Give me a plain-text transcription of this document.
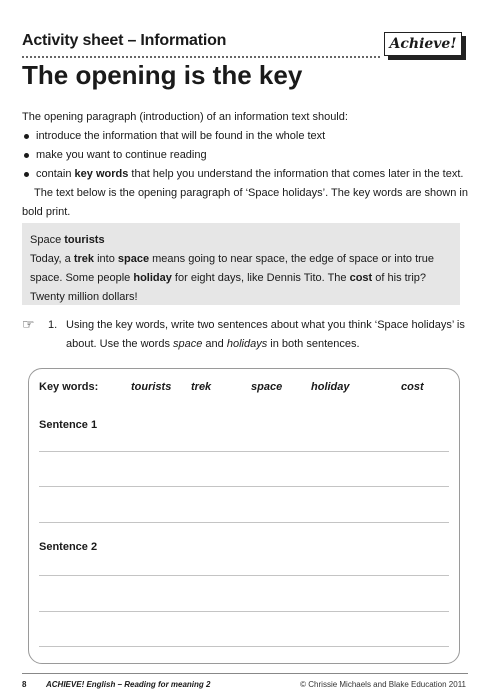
Activity sheet – Information	Achieve!
The opening is the key

The opening paragraph (introduction) of an information text should:

introduce the information that will be found in the whole text
make you want to continue reading
contain key words that help you understand the information that comes later in the text.

The text below is the opening paragraph of ‘Space holidays’. The key words are shown in bold print.

Space tourists

Today, a trek into space means going to near space, the edge of space or into true space. Some people holiday for eight days, like Dennis Tito. The cost of his trip? Twenty million dollars!

☞ 1. Using the key words, write two sentences about what you think ‘Space holidays’ is about. Use the words space and holidays in both sentences.
Key words:	tourists trek	space	holiday	cost
Sentence 1
Sentence 2
8 ACHIEVE! English – Reading for meaning 2	© Chrissie Michaels and Blake Education 2011
